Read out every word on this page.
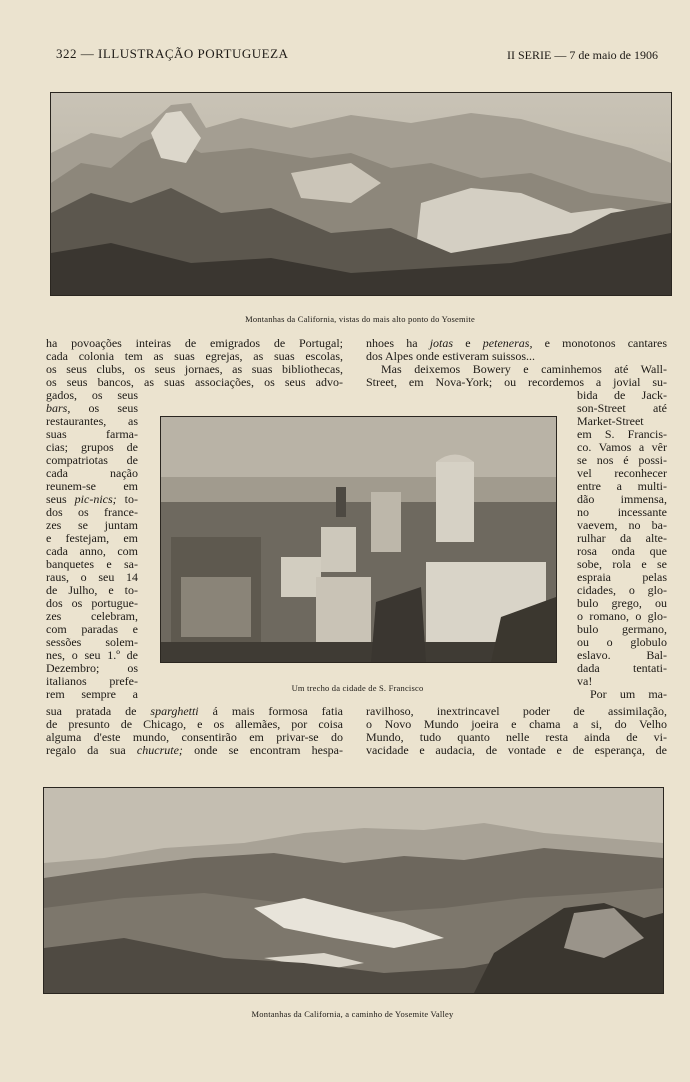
322 — ILLUSTRAÇÃO PORTUGUEZA	II SERIE — 7 de maio de 1906
Montanhas da California, vistas do mais alto ponto do Yosemite
ha povoações inteiras de emigrados de Portugal;
cada colonia tem as suas egrejas, as suas escolas,
os seus clubs, os seus jornaes, as suas bibliothecas,
os seus bancos, as suas associações, os seus advo-
gados, os seus
bars, os seus
restaurantes, as
suas farma-
cias; grupos de
compatriotas de
cada nação
reunem-se em
seus pic-nics; to-
dos os france-
zes se juntam
e festejam, em
cada anno, com
banquetes e sa-
raus, o seu 14
de Julho, e to-
dos os portugue-
zes celebram,
com paradas e
sessões solem-
nes, o seu 1.º de
Dezembro; os
italianos prefe-
rem sempre a	Um trecho da cidade de S. Francisco
nhoes ha jotas e peteneras, e monotonos cantares
dos Alpes onde estiveram suissos...
Mas deixemos Bowery e caminhemos até Wall-
Street, em Nova-York; ou recordemos a jovial su-
bida de Jack-
son-Street até
Market-Street
em S. Francis-
co. Vamos a vêr
se nos é possi-
vel reconhecer
entre a multi-
dão immensa,
no incessante
vaevem, no ba-
rulhar da alte-
rosa onda que
sobe, rola e se
espraia pelas
cidades, o glo-
bulo grego, ou
o romano, o glo-
bulo germano,
ou o globulo
eslavo. Bal-
dada tentati-
va!
Por um ma-
sua pratada de sparghetti á mais formosa fatia
de presunto de Chicago, e os allemães, por coisa
alguma d'este mundo, consentirão em privar-se do
regalo da sua chucrute; onde se encontram hespa-
ravilhoso, inextrincavel poder de assimilação,
o Novo Mundo joeira e chama a si, do Velho
Mundo, tudo quanto nelle resta ainda de vi-
vacidade e audacia, de vontade e de esperança, de
Montanhas da California, a caminho de Yosemite Valley
